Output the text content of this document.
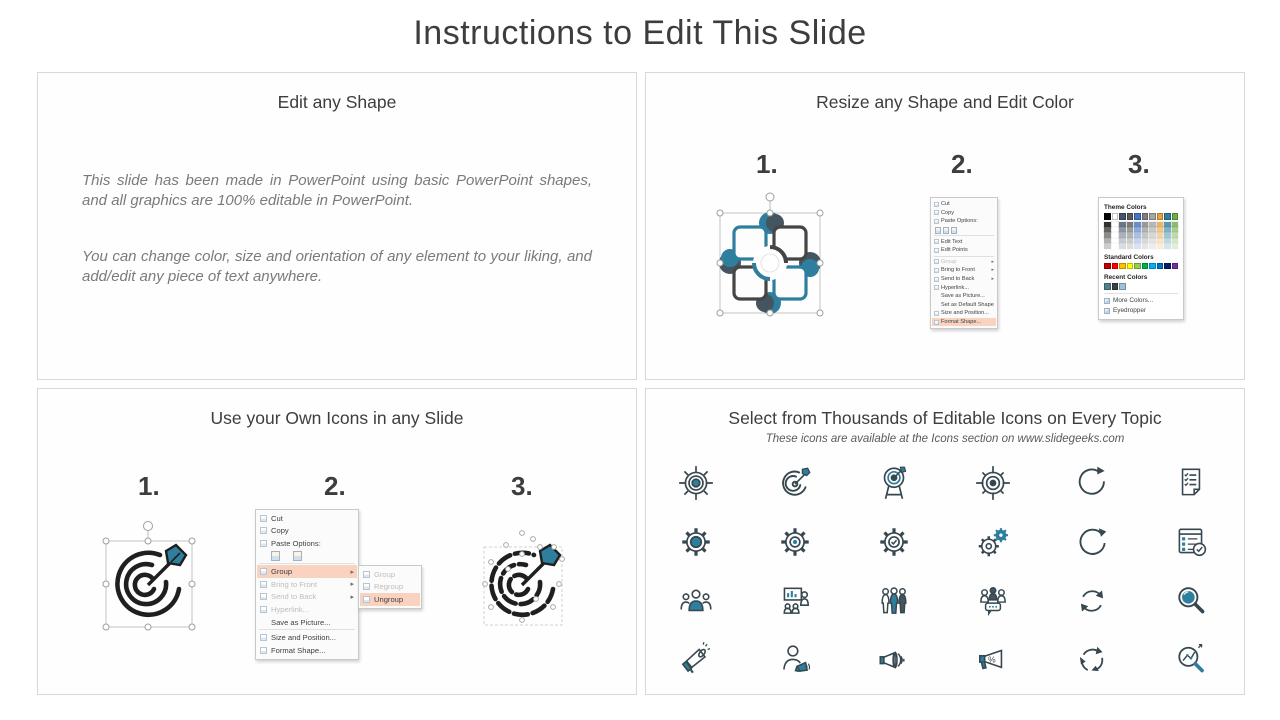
Instructions to Edit This Slide
Edit any Shape
This slide has been made in PowerPoint using basic PowerPoint shapes, and all graphics are 100% editable in PowerPoint.
You can change color, size and orientation of any element to your liking, and add/edit any piece of text anywhere.
Resize any Shape and Edit Color
1.	2.	3.
Cut
Copy
Paste Options:
Edit Text
Edit Points
Group	▸
Bring to Front	▸
Send to Back	▸
Hyperlink...
Save as Picture...
Set as Default Shape
Size and Position...
Format Shape...
Theme Colors
Standard Colors
Recent Colors
More Colors...
Eyedropper
Use your Own Icons in any Slide
1.	2.	3.
Cut
Copy
Paste Options:
Group	▸
Bring to Front	▸
Send to Back	▸
Hyperlink...
Save as Picture...
Size and Position...
Format Shape...
Group
Regroup
Ungroup
Select from Thousands of Editable Icons on Every Topic
These icons are available at the Icons section on www.slidegeeks.com
%
